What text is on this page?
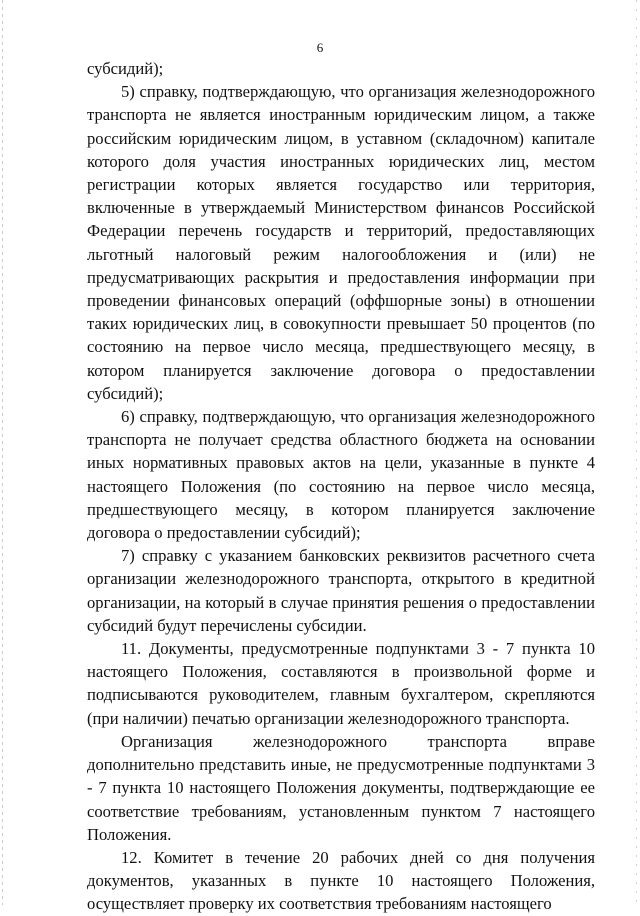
6

субсидий);

5) справку, подтверждающую, что организация железнодорожного транспорта не является иностранным юридическим лицом, а также российским юридическим лицом, в уставном (складочном) капитале которого доля участия иностранных юридических лиц, местом регистрации которых является государство или территория, включенные в утверждаемый Министерством финансов Российской Федерации перечень государств и территорий, предоставляющих льготный налоговый режим налогообложения и (или) не предусматривающих раскрытия и предоставления информации при проведении финансовых операций (оффшорные зоны) в отношении таких юридических лиц, в совокупности превышает 50 процентов (по состоянию на первое число месяца, предшествующего месяцу, в котором планируется заключение договора о предоставлении субсидий);

6) справку, подтверждающую, что организация железнодорожного транспорта не получает средства областного бюджета на основании иных нормативных правовых актов на цели, указанные в пункте 4 настоящего Положения (по состоянию на первое число месяца, предшествующего месяцу, в котором планируется заключение договора о предоставлении субсидий);

7) справку с указанием банковских реквизитов расчетного счета организации железнодорожного транспорта, открытого в кредитной организации, на который в случае принятия решения о предоставлении субсидий будут перечислены субсидии.

11. Документы, предусмотренные подпунктами 3 - 7 пункта 10 настоящего Положения, составляются в произвольной форме и подписываются руководителем, главным бухгалтером, скрепляются (при наличии) печатью организации железнодорожного транспорта.

Организация железнодорожного транспорта вправе дополнительно представить иные, не предусмотренные подпунктами 3 - 7 пункта 10 настоящего Положения документы, подтверждающие ее соответствие требованиям, установленным пунктом 7 настоящего Положения.

12. Комитет в течение 20 рабочих дней со дня получения документов, указанных в пункте 10 настоящего Положения, осуществляет проверку их соответствия требованиям настоящего
